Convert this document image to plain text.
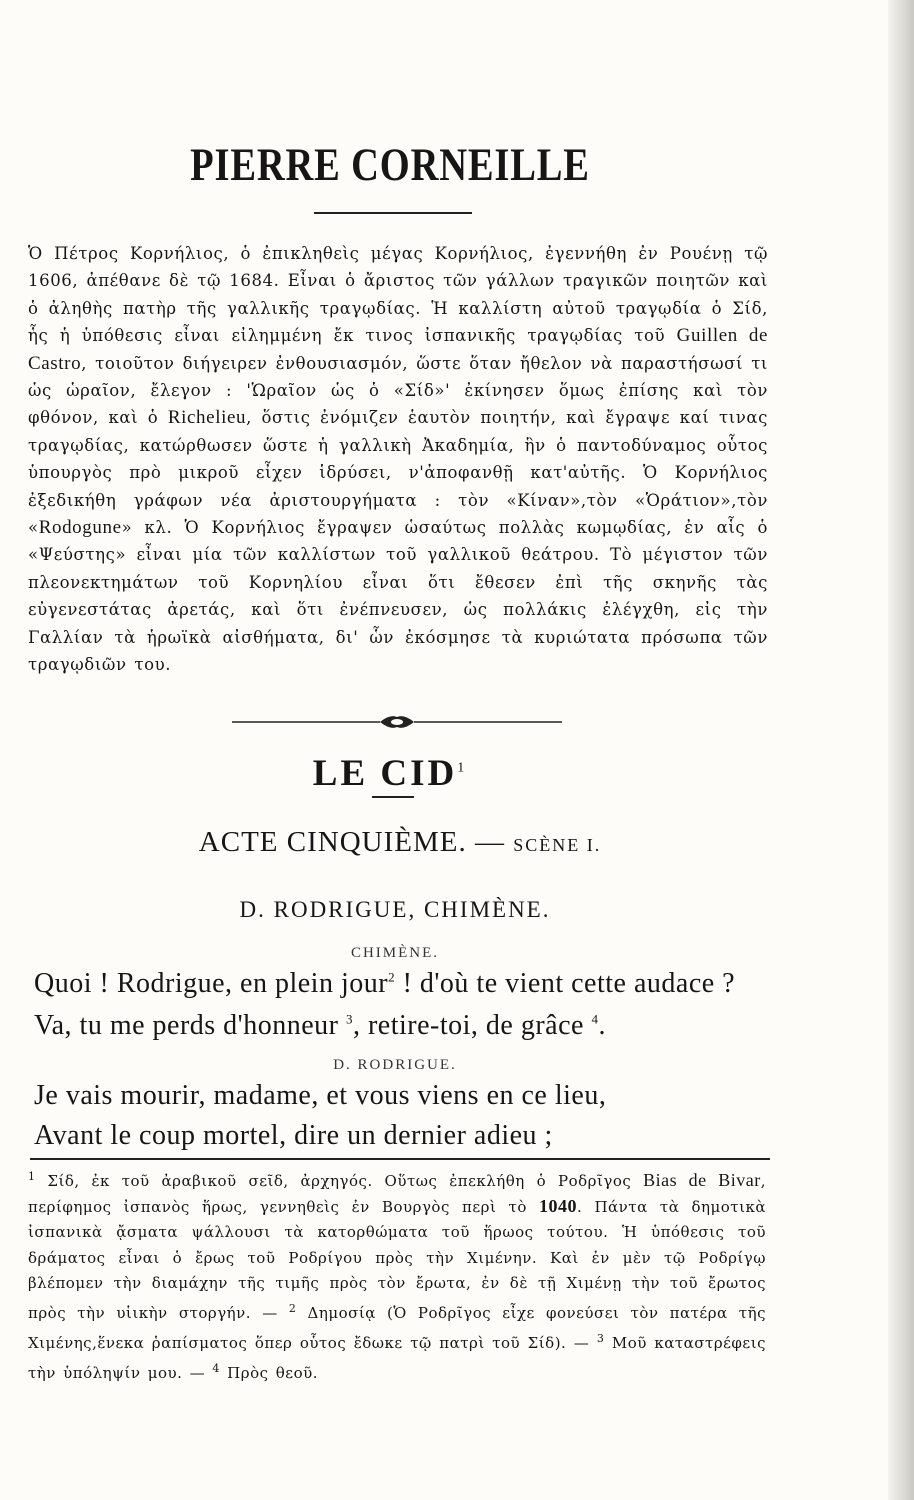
PIERRE CORNEILLE
Ὁ Πέτρος Κορνήλιος, ὁ ἐπικληθεὶς μέγας Κορνήλιος, ἐγεννήθη ἐν Ρουένῃ τῷ 1606, ἀπέθανε δὲ τῷ 1684. Εἶναι ὁ ἄριστος τῶν γάλλων τραγικῶν ποιητῶν καὶ ὁ ἀληθὴς πατὴρ τῆς γαλλικῆς τραγῳδίας. Ἡ καλλίστη αὐτοῦ τραγῳδία ὁ Σίδ, ἧς ἡ ὑπόθεσις εἶναι εἰλημμένη ἔκ τινος ἰσπανικῆς τραγῳδίας τοῦ Guillen de Castro, τοιοῦτον διήγειρεν ἐνθουσιασμόν, ὥστε ὅταν ἤθελον νὰ παραστήσωσί τι ὡς ὡραῖον, ἔλεγον : 'Ὡραῖον ὡς ὁ «Σίδ»' ἐκίνησεν ὅμως ἐπίσης καὶ τὸν φθόνον, καὶ ὁ Richelieu, ὅστις ἐνόμιζεν ἑαυτὸν ποιητήν, καὶ ἔγραψε καί τινας τραγῳδίας, κατώρθωσεν ὥστε ἡ γαλλικὴ Ἀκαδημία, ἣν ὁ παντοδύναμος οὗτος ὑπουργὸς πρὸ μικροῦ εἶχεν ἱδρύσει, ν'ἀποφανθῇ κατ'αὐτῆς. Ὁ Κορνήλιος ἐξεδικήθη γράφων νέα ἀριστουργήματα : τὸν «Κίναν»,τὸν «Ὁράτιον»,τὸν «Rodogune» κλ. Ὁ Κορνήλιος ἔγραψεν ὡσαύτως πολλὰς κωμῳδίας, ἐν αἷς ὁ «Ψεύστης» εἶναι μία τῶν καλλίστων τοῦ γαλλικοῦ θεάτρου. Τὸ μέγιστον τῶν πλεονεκτημάτων τοῦ Κορνηλίου εἶναι ὅτι ἔθεσεν ἐπὶ τῆς σκηνῆς τὰς εὐγενεστάτας ἀρετάς, καὶ ὅτι ἐνέπνευσεν, ὡς πολλάκις ἐλέγχθη, εἰς τὴν Γαλλίαν τὰ ἡρωϊκὰ αἰσθήματα, δι' ὧν ἐκόσμησε τὰ κυριώτατα πρόσωπα τῶν τραγῳδιῶν του.
LE CID$^1$
ACTE CINQUIÈME. — SCÈNE I.
D. RODRIGUE, CHIMÈNE.
CHIMÈNE.
Quoi ! Rodrigue, en plein jour$^2$ ! d'où te vient cette audace ?
Va, tu me perds d'honneur $^3$, retire-toi, de grâce $^4$.
D. RODRIGUE.
Je vais mourir, madame, et vous viens en ce lieu,
Avant le coup mortel, dire un dernier adieu ;
$^1$ Σίδ, ἐκ τοῦ ἀραβικοῦ σεῖδ, ἀρχηγός. Οὕτως ἐπεκλήθη ὁ Ροδρῖγος Bias de Bivar, περίφημος ἰσπανὸς ἥρως, γεννηθεὶς ἐν Βουργὸς περὶ τὸ 1040. Πάντα τὰ δημοτικὰ ἰσπανικὰ ᾄσματα ψάλλουσι τὰ κατορθώματα τοῦ ἥρωος τούτου. Ἡ ὑπόθεσις τοῦ δράματος εἶναι ὁ ἔρως τοῦ Ροδρίγου πρὸς τὴν Χιμένην. Καὶ ἐν μὲν τῷ Ροδρίγῳ βλέπομεν τὴν διαμάχην τῆς τιμῆς πρὸς τὸν ἔρωτα, ἐν δὲ τῇ Χιμένῃ τὴν τοῦ ἔρωτος πρὸς τὴν υἱικὴν στοργήν. — $^2$ Δημοσίᾳ (Ὁ Ροδρῖγος εἶχε φονεύσει τὸν πατέρα τῆς Χιμένης,ἕνεκα ῥαπίσματος ὅπερ οὗτος ἔδωκε τῷ πατρὶ τοῦ Σίδ). — $^3$ Μοῦ καταστρέφεις τὴν ὑπόληψίν μου. — $^4$ Πρὸς θεοῦ.
